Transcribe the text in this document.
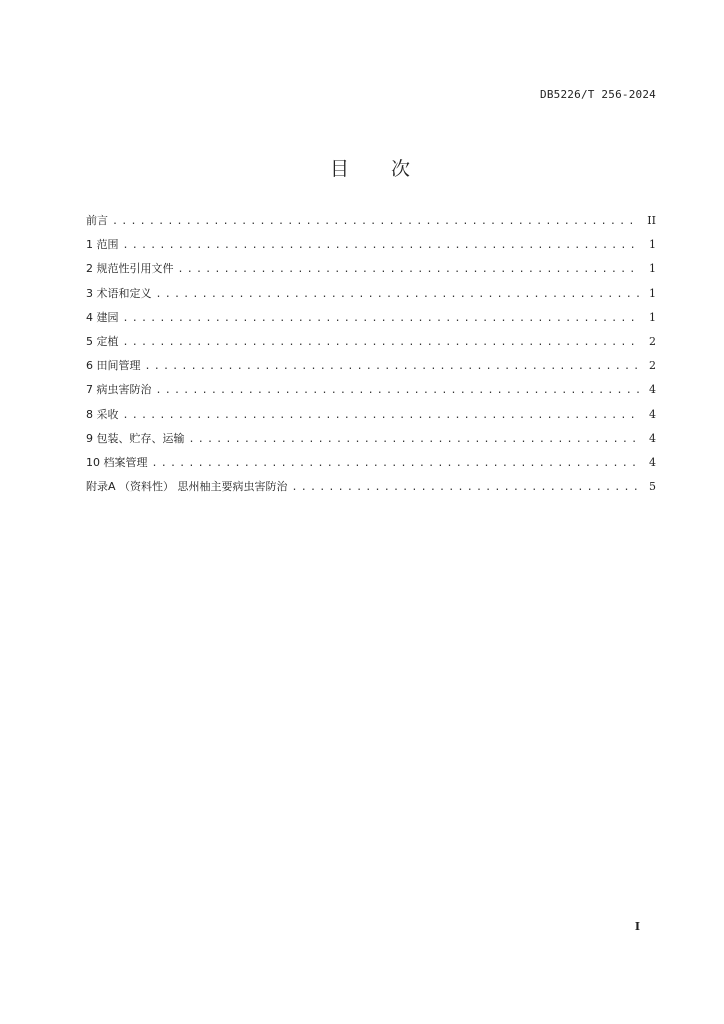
DB5226/T 256-2024
目次
前言 .....	II
1 范围 .....	1
2 规范性引用文件 .....	1
3 术语和定义 .....	1
4 建园 .....	1
5 定植 .....	2
6 田间管理 .....	2
7 病虫害防治 .....	4
8 采收 .....	4
9 包装、贮存、运输 .....	4
10 档案管理 .....	4
附录A （资料性） 思州柚主要病虫害防治 .....	5
I
